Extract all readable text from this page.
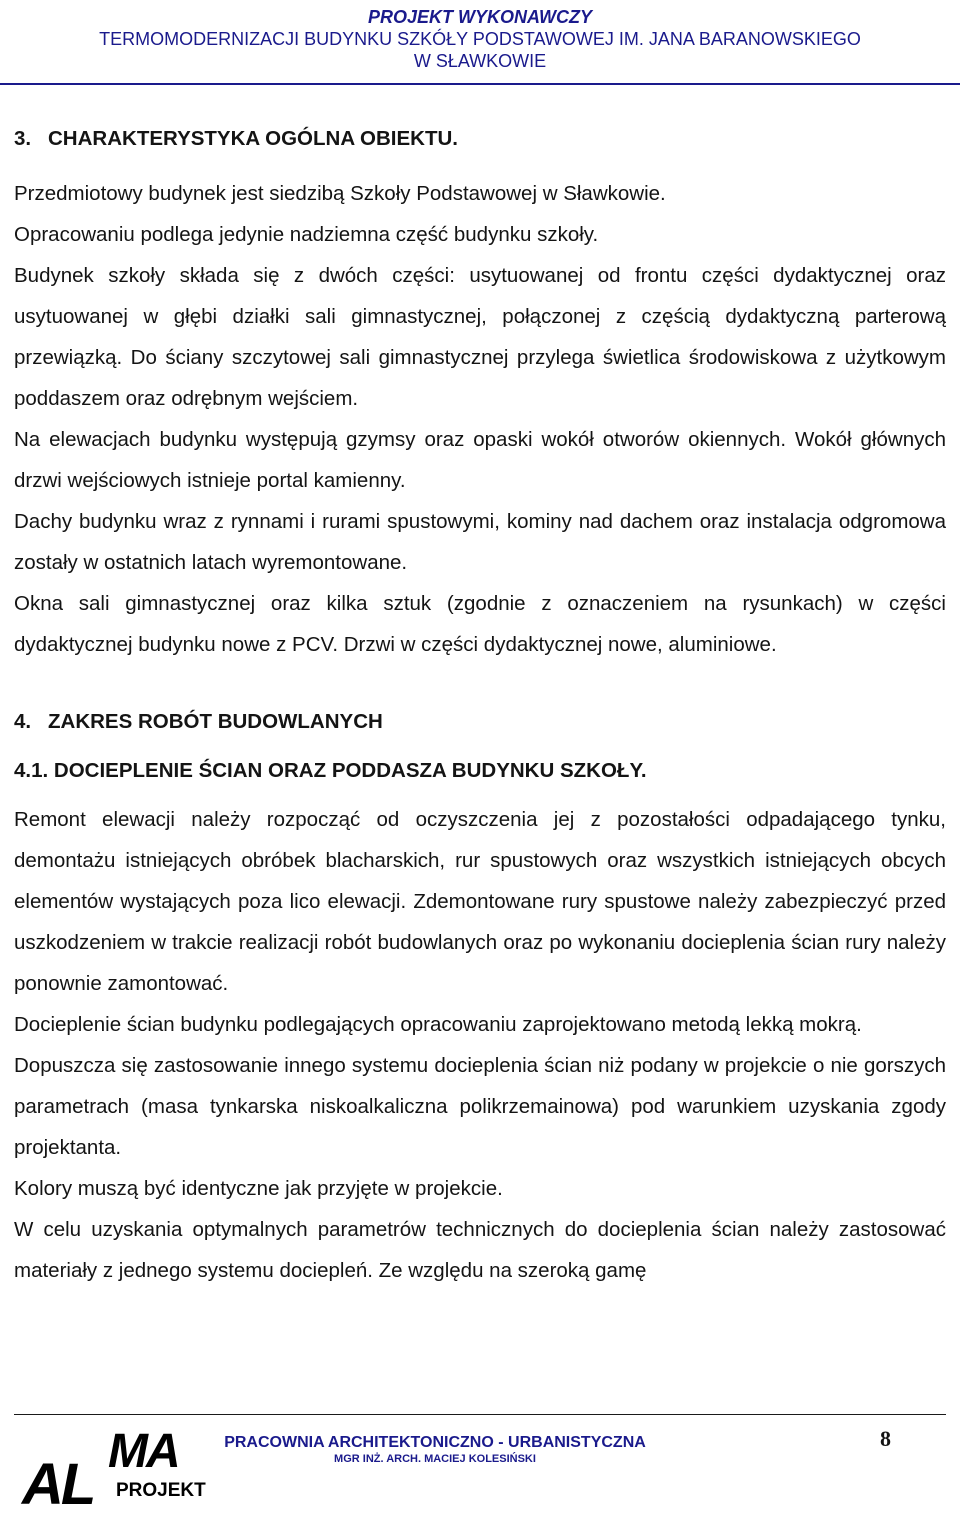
PROJEKT WYKONAWCZY
TERMOMODERNIZACJI BUDYNKU SZKÓŁY PODSTAWOWEJ IM. JANA BARANOWSKIEGO
W SŁAWKOWIE

3. CHARAKTERYSTYKA OGÓLNA OBIEKTU.

Przedmiotowy budynek jest siedzibą Szkoły Podstawowej w Sławkowie.

Opracowaniu podlega jedynie nadziemna część budynku szkoły.

Budynek szkoły składa się z dwóch części: usytuowanej od frontu części dydaktycznej oraz usytuowanej w głębi działki sali gimnastycznej, połączonej z częścią dydaktyczną parterową przewiązką. Do ściany szczytowej sali gimnastycznej przylega świetlica środowiskowa z użytkowym poddaszem oraz odrębnym wejściem.

Na elewacjach budynku występują gzymsy oraz opaski wokół otworów okiennych. Wokół głównych drzwi wejściowych istnieje portal kamienny.

Dachy budynku wraz z rynnami i rurami spustowymi, kominy nad dachem oraz instalacja odgromowa zostały w ostatnich latach wyremontowane.

Okna sali gimnastycznej oraz kilka sztuk (zgodnie z oznaczeniem na rysunkach) w części dydaktycznej budynku nowe z PCV. Drzwi w części dydaktycznej nowe, aluminiowe.

4. ZAKRES ROBÓT BUDOWLANYCH

4.1. DOCIEPLENIE ŚCIAN ORAZ PODDASZA BUDYNKU SZKOŁY.

Remont elewacji należy rozpocząć od oczyszczenia jej z pozostałości odpadającego tynku, demontażu istniejących obróbek blacharskich, rur spustowych oraz wszystkich istniejących obcych elementów wystających poza lico elewacji. Zdemontowane rury spustowe należy zabezpieczyć przed uszkodzeniem w trakcie realizacji robót budowlanych oraz po wykonaniu docieplenia ścian rury należy ponownie zamontować.

Docieplenie ścian budynku podlegających opracowaniu zaprojektowano metodą lekką mokrą.

Dopuszcza się zastosowanie innego systemu docieplenia ścian niż podany w projekcie o nie gorszych parametrach (masa tynkarska niskoalkaliczna polikrzemainowa) pod warunkiem uzyskania zgody projektanta.

Kolory muszą być identyczne jak przyjęte w projekcie.

W celu uzyskania optymalnych parametrów technicznych do docieplenia ścian należy zastosować materiały z jednego systemu dociepleń. Ze względu na szeroką gamę

MA
AL PROJEKT
PRACOWNIA ARCHITEKTONICZNO - URBANISTYCZNA
MGR INŻ. ARCH. MACIEJ KOLESIŃSKI
8
